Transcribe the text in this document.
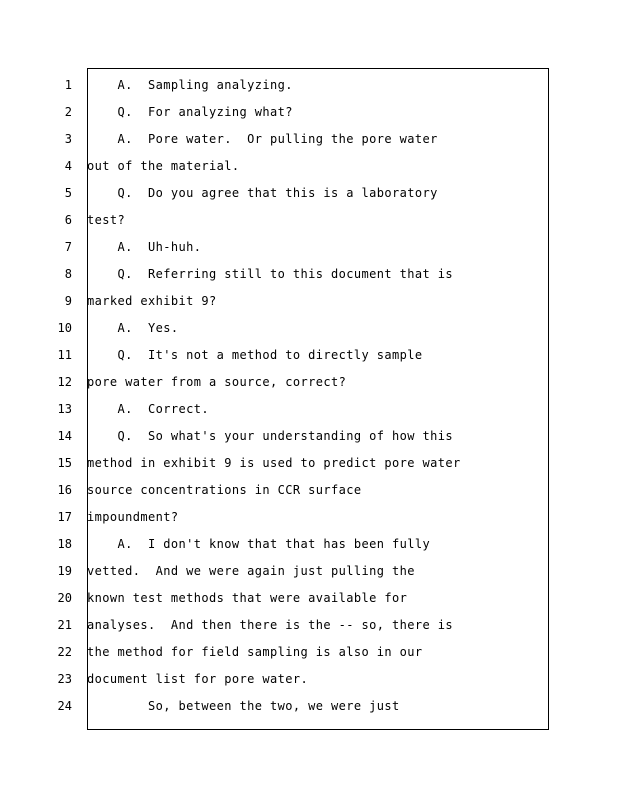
1 A.  Sampling analyzing.
2 Q.  For analyzing what?
3 A.  Pore water.  Or pulling the pore water
4 out of the material.
5 Q.  Do you agree that this is a laboratory
6 test?
7 A.  Uh-huh.
8 Q.  Referring still to this document that is
9 marked exhibit 9?
10 A.  Yes.
11 Q.  It's not a method to directly sample
12 pore water from a source, correct?
13 A.  Correct.
14 Q.  So what's your understanding of how this
15 method in exhibit 9 is used to predict pore water
16 source concentrations in CCR surface
17 impoundment?
18 A.  I don't know that that has been fully
19 vetted.  And we were again just pulling the
20 known test methods that were available for
21 analyses.  And then there is the -- so, there is
22 the method for field sampling is also in our
23 document list for pore water.
24 So, between the two, we were just
